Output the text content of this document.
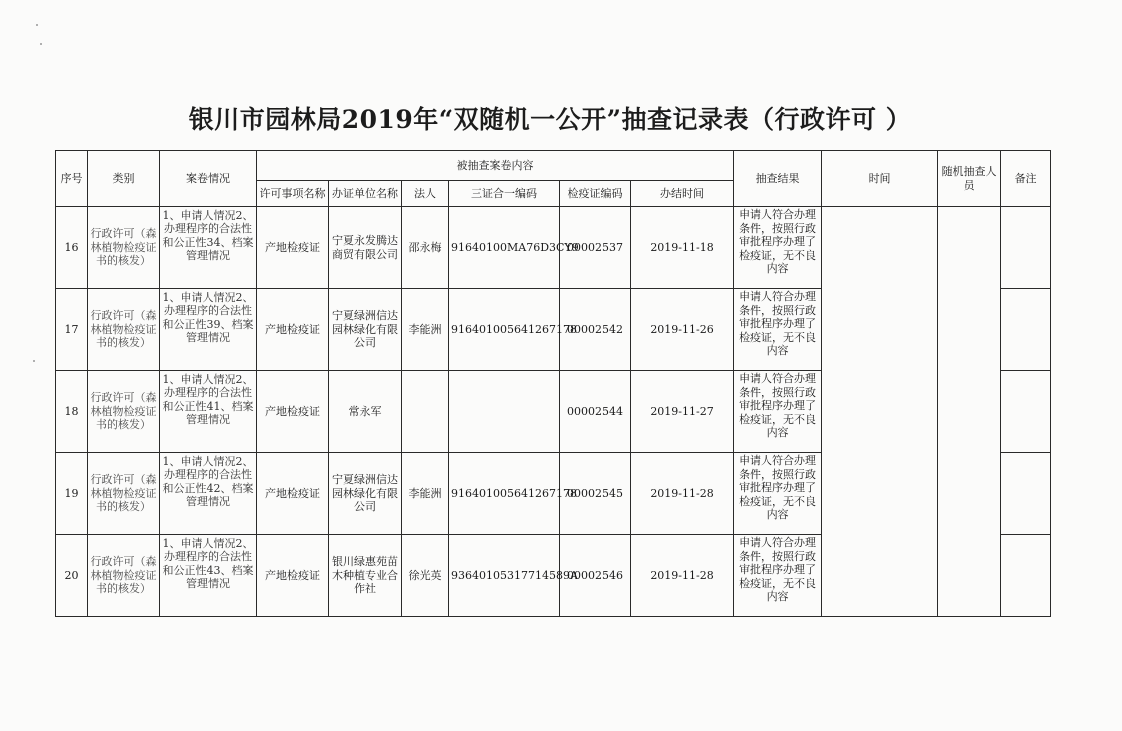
银川市园林局2019年“双随机一公开”抽查记录表（行政许可 ）
序号	类别	案卷情况	被抽查案卷内容						抽查结果	时间	随机抽查人员	备注
			许可事项名称	办证单位名称	法人	三证合一编码	检疫证编码	办结时间				
16	行政许可（森林植物检疫证书的核发）	1、申请人情况2、办理程序的合法性和公正性34、档案管理情况	产地检疫证	宁夏永发腾达商贸有限公司	邵永梅	91640100MA76D3CY9	00002537	2019-11-18	申请人符合办理条件，按照行政审批程序办理了检疫证，无不良内容			

17	行政许可（森林植物检疫证书的核发）	1、申请人情况2、办理程序的合法性和公正性39、档案管理情况	产地检疫证	宁夏绿洲信达园林绿化有限公司	李能洲	916401005641267178	00002542	2019-11-26	申请人符合办理条件，按照行政审批程序办理了检疫证，无不良内容			

18	行政许可（森林植物检疫证书的核发）	1、申请人情况2、办理程序的合法性和公正性41、档案管理情况	产地检疫证	常永军			00002544	2019-11-27	申请人符合办理条件，按照行政审批程序办理了检疫证，无不良内容			

19	行政许可（森林植物检疫证书的核发）	1、申请人情况2、办理程序的合法性和公正性42、档案管理情况	产地检疫证	宁夏绿洲信达园林绿化有限公司	李能洲	916401005641267178	00002545	2019-11-28	申请人符合办理条件，按照行政审批程序办理了检疫证，无不良内容			

20	行政许可（森林植物检疫证书的核发）	1、申请人情况2、办理程序的合法性和公正性43、档案管理情况	产地检疫证	银川绿惠苑苗木种植专业合作社	徐光英	93640105317714589A	00002546	2019-11-28	申请人符合办理条件，按照行政审批程序办理了检疫证，无不良内容			
